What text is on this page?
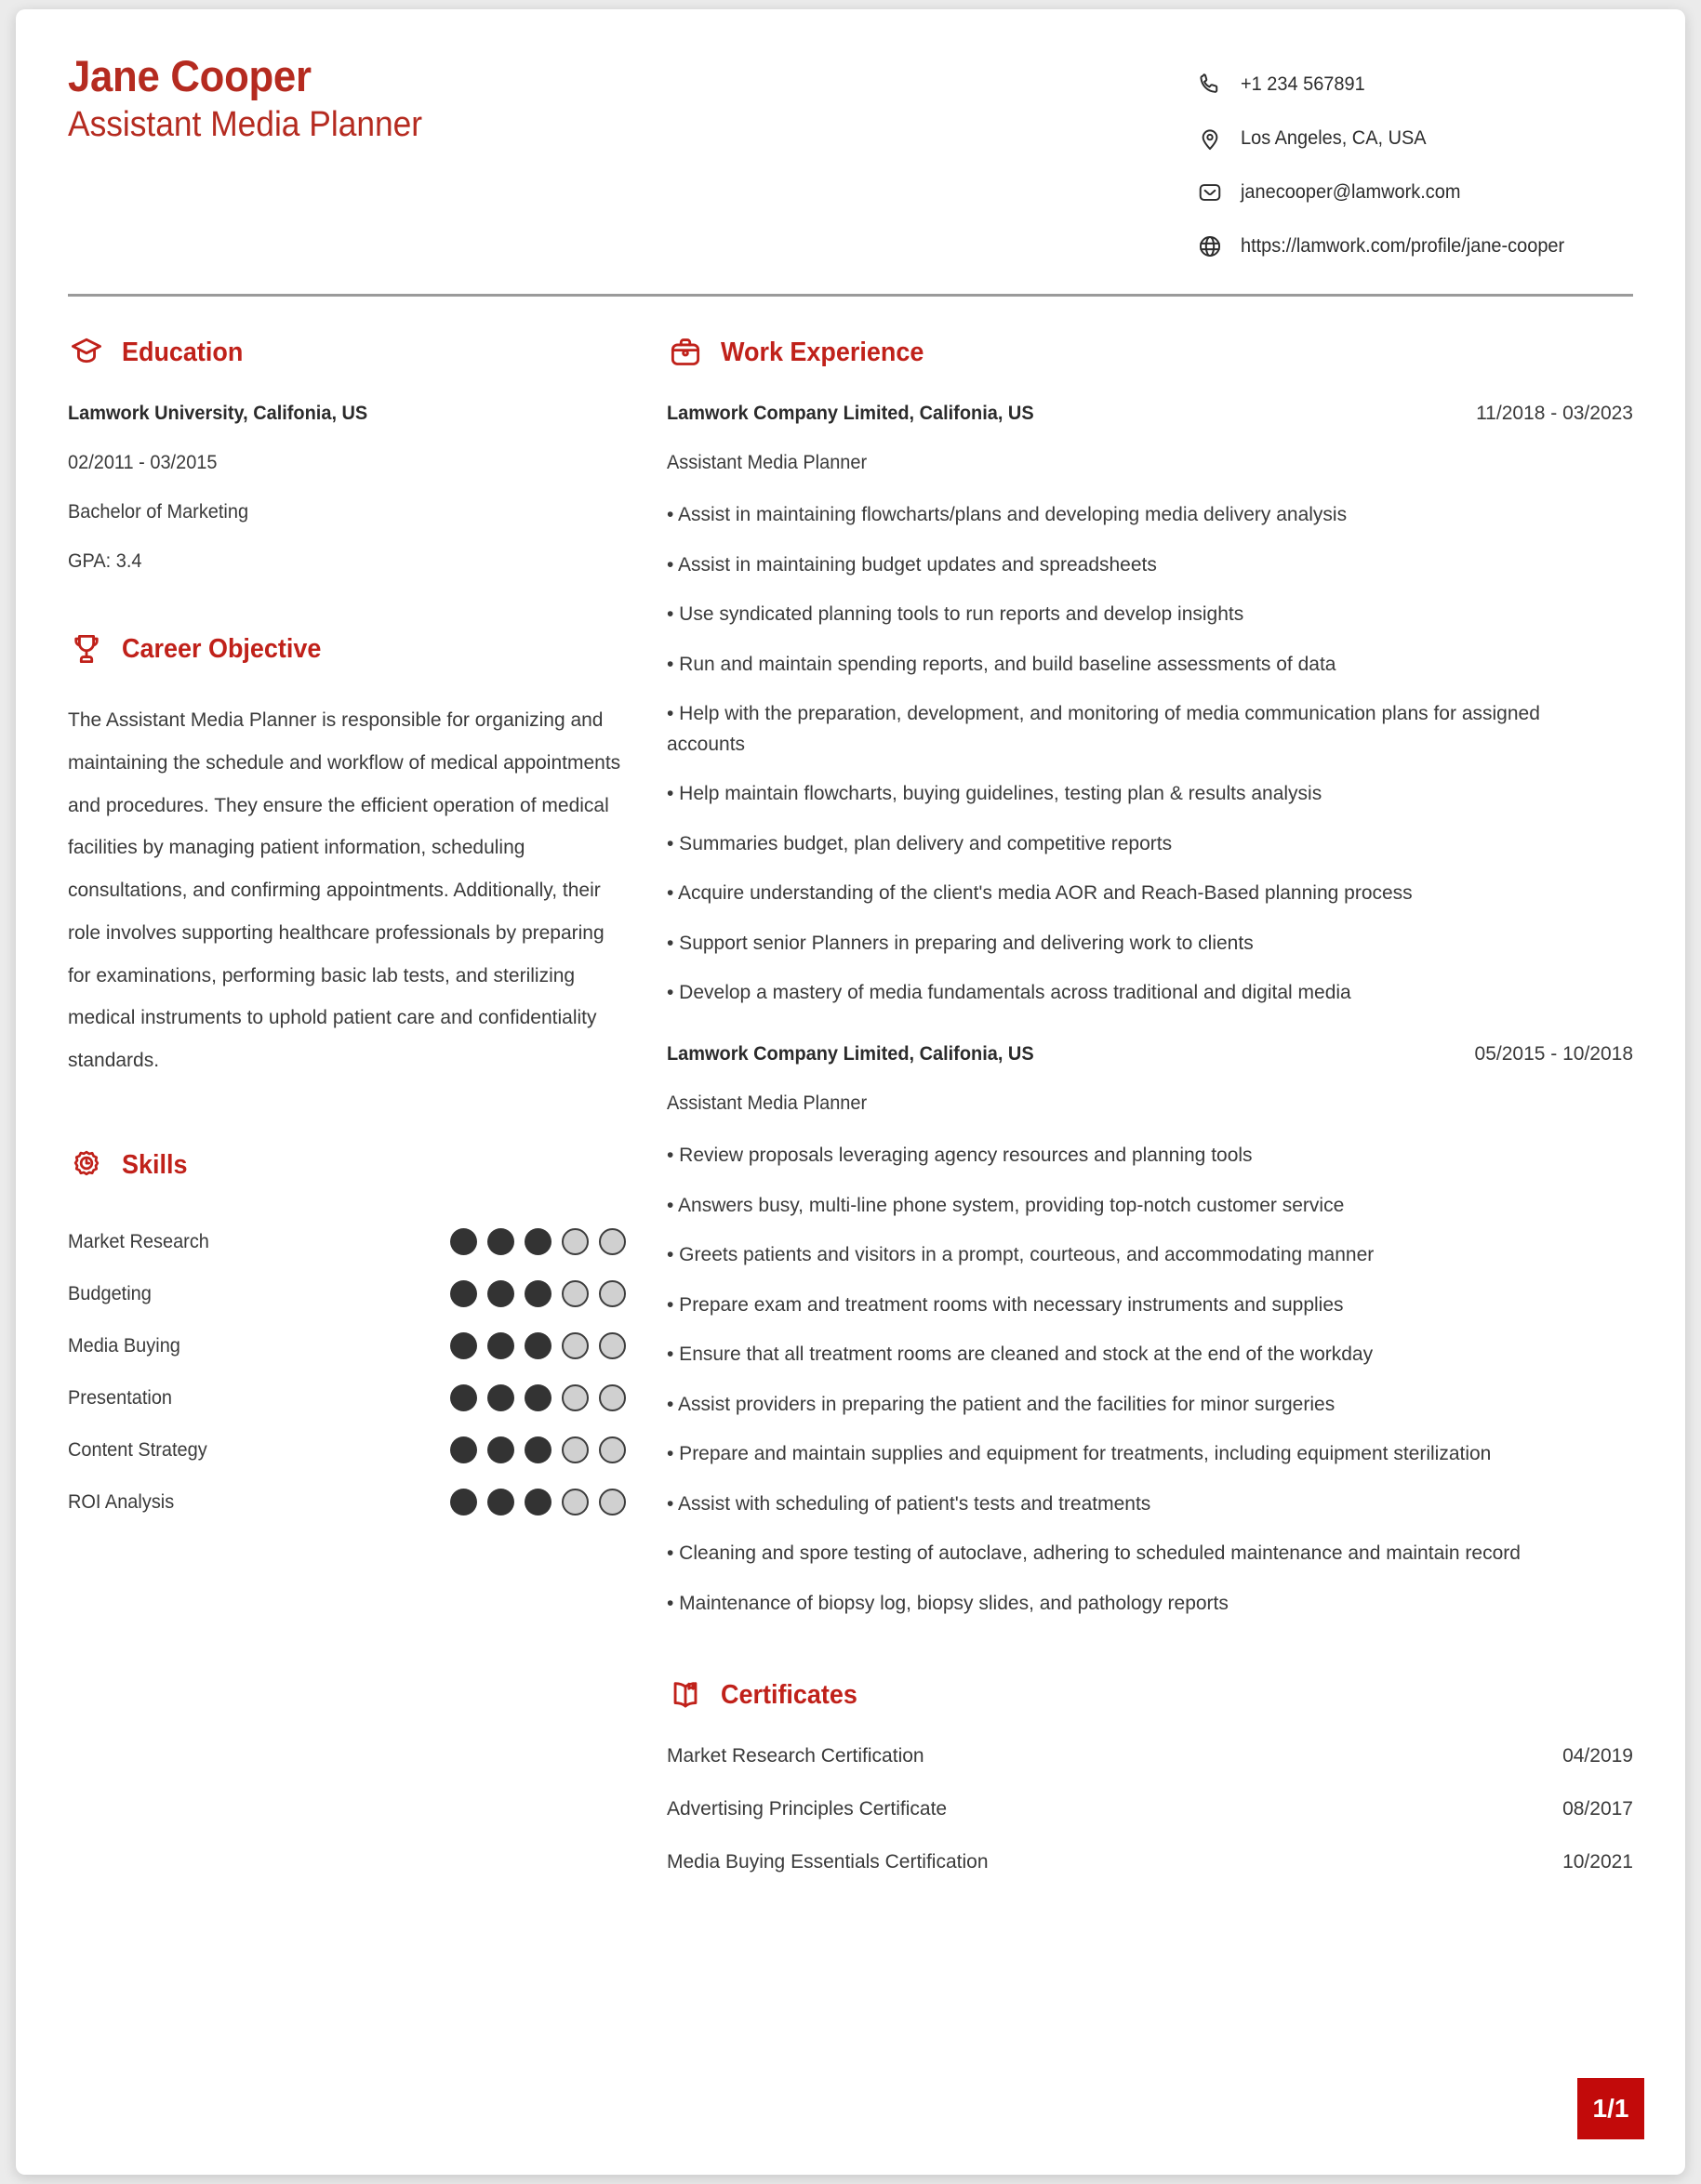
Jane Cooper
Assistant Media Planner
+1 234 567891
Los Angeles, CA, USA
janecooper@lamwork.com
https://lamwork.com/profile/jane-cooper
Education
Lamwork University, Califonia, US
02/2011 - 03/2015
Bachelor of Marketing
GPA: 3.4
Career Objective
The Assistant Media Planner is responsible for organizing and maintaining the schedule and workflow of medical appointments and procedures. They ensure the efficient operation of medical facilities by managing patient information, scheduling consultations, and confirming appointments. Additionally, their role involves supporting healthcare professionals by preparing for examinations, performing basic lab tests, and sterilizing medical instruments to uphold patient care and confidentiality standards.
Skills
Market Research
Budgeting
Media Buying
Presentation
Content Strategy
ROI Analysis
Work Experience
Lamwork Company Limited, Califonia, US	11/2018 - 03/2023
Assistant Media Planner
• Assist in maintaining flowcharts/plans and developing media delivery analysis
• Assist in maintaining budget updates and spreadsheets
• Use syndicated planning tools to run reports and develop insights
• Run and maintain spending reports, and build baseline assessments of data
• Help with the preparation, development, and monitoring of media communication plans for assigned accounts
• Help maintain flowcharts, buying guidelines, testing plan & results analysis
• Summaries budget, plan delivery and competitive reports
• Acquire understanding of the client's media AOR and Reach-Based planning process
• Support senior Planners in preparing and delivering work to clients
• Develop a mastery of media fundamentals across traditional and digital media
Lamwork Company Limited, Califonia, US	05/2015 - 10/2018
Assistant Media Planner
• Review proposals leveraging agency resources and planning tools
• Answers busy, multi-line phone system, providing top-notch customer service
• Greets patients and visitors in a prompt, courteous, and accommodating manner
• Prepare exam and treatment rooms with necessary instruments and supplies
• Ensure that all treatment rooms are cleaned and stock at the end of the workday
• Assist providers in preparing the patient and the facilities for minor surgeries
• Prepare and maintain supplies and equipment for treatments, including equipment sterilization
• Assist with scheduling of patient's tests and treatments
• Cleaning and spore testing of autoclave, adhering to scheduled maintenance and maintain record
• Maintenance of biopsy log, biopsy slides, and pathology reports
Certificates
Market Research Certification	04/2019
Advertising Principles Certificate	08/2017
Media Buying Essentials Certification	10/2021
1/1
